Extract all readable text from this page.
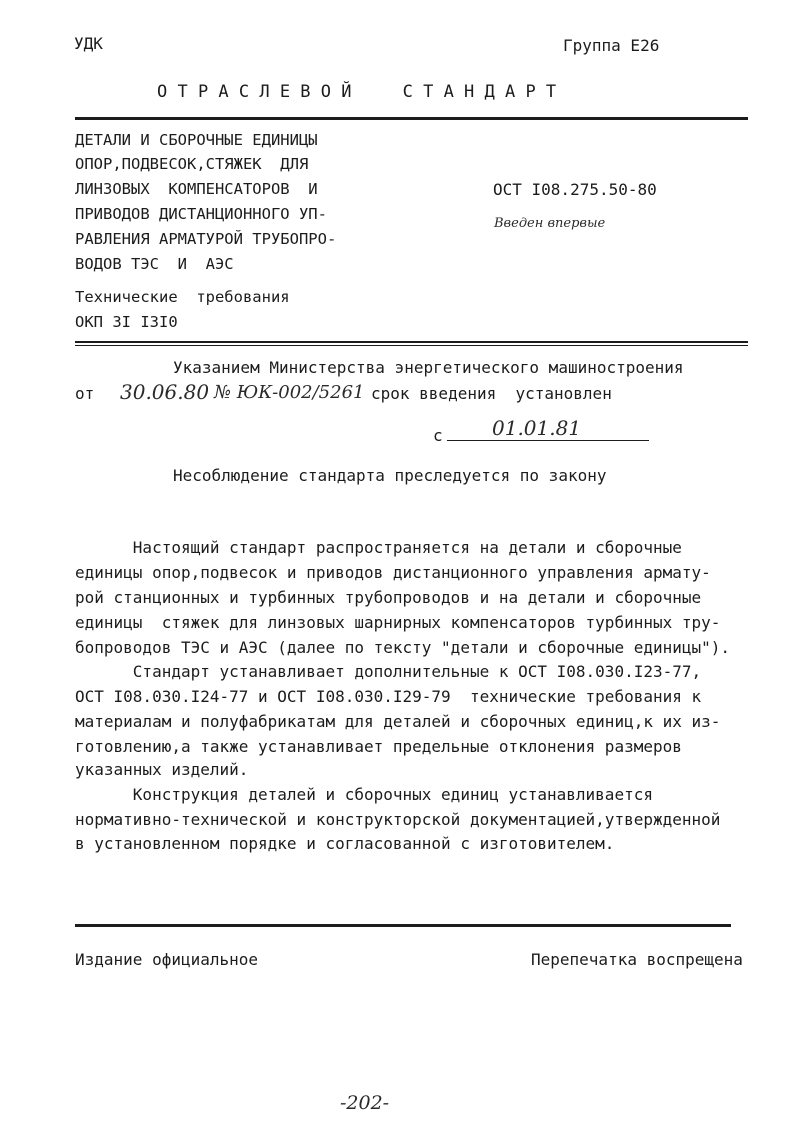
УДК	Группа Е26
О Т Р А С Л Е В О Й     С Т А Н Д А Р Т
ДЕТАЛИ И СБОРОЧНЫЕ ЕДИНИЦЫ
ОПОР,ПОДВЕСОК,СТЯЖЕК  ДЛЯ
ЛИНЗОВЫХ  КОМПЕНСАТОРОВ  И
ПРИВОДОВ ДИСТАНЦИОННОГО УП-
РАВЛЕНИЯ АРМАТУРОЙ ТРУБОПРО-
ВОДОВ ТЭС  И  АЭС
Технические  требования
ОКП 3I I3I0
ОСТ I08.275.50-80
Введен впервые
Указанием Министерства энергетического машиностроения
от 30.06.80 № ЮК-002/5261 срок введения  установлен
с 01.01.81
Несоблюдение стандарта преследуется по закону
Настоящий стандарт распространяется на детали и сборочные
единицы опор,подвесок и приводов дистанционного управления армату-
рой станционных и турбинных трубопроводов и на детали и сборочные
единицы  стяжек для линзовых шарнирных компенсаторов турбинных тру-
бопроводов ТЭС и АЭС (далее по тексту "детали и сборочные единицы").
Стандарт устанавливает дополнительные к ОСТ I08.030.I23-77,
ОСТ I08.030.I24-77 и ОСТ I08.030.I29-79  технические требования к
материалам и полуфабрикатам для деталей и сборочных единиц,к их из-
готовлению,а также устанавливает предельные отклонения размеров
указанных изделий.
Конструкция деталей и сборочных единиц устанавливается
нормативно-технической и конструкторской документацией,утвержденной
в установленном порядке и согласованной с изготовителем.
Издание официальное	Перепечатка воспрещена
-202-
